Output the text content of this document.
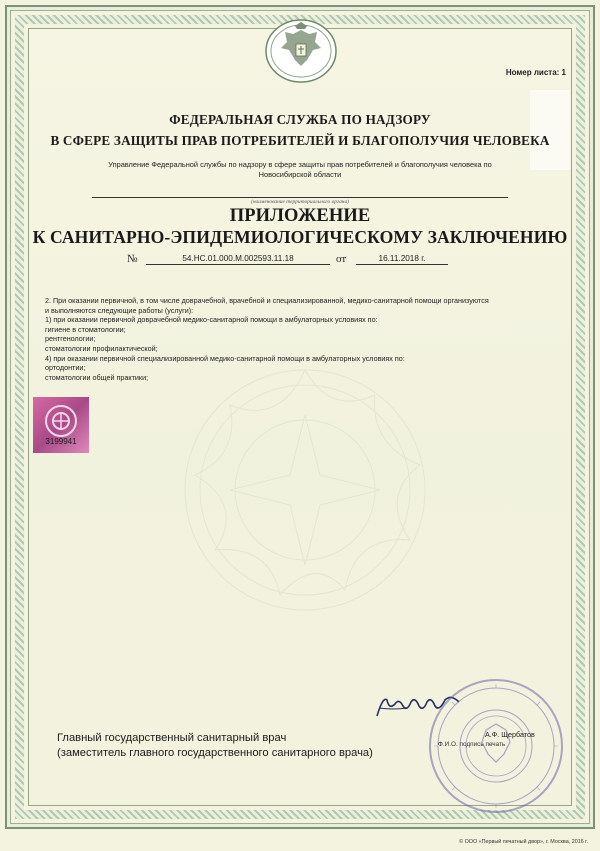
Номер листа: 1
ФЕДЕРАЛЬНАЯ СЛУЖБА ПО НАДЗОРУ
В СФЕРЕ ЗАЩИТЫ ПРАВ ПОТРЕБИТЕЛЕЙ И БЛАГОПОЛУЧИЯ ЧЕЛОВЕКА
Управление Федеральной службы по надзору в сфере защиты прав потребителей и благополучия человека по
Новосибирской области
(наименование территориального органа)
ПРИЛОЖЕНИЕ
К САНИТАРНО-ЭПИДЕМИОЛОГИЧЕСКОМУ ЗАКЛЮЧЕНИЮ
№	54.НС.01.000.М.002593.11.18	от	16.11.2018 г.
2. При оказании первичной, в том числе доврачебной, врачебной и специализированной, медико-санитарной помощи организуются
и выполняются следующие работы (услуги):
1) при оказании первичной доврачебной медико-санитарной помощи в амбулаторных условиях по:
гигиене в стоматологии;
рентгенологии;
стоматологии профилактической;
4) при оказании первичной специализированной медико-санитарной помощи в амбулаторных условиях по:
ортодонтии;
стоматологии общей практики;
3199941
Главный государственный санитарный врач
(заместитель главного государственного санитарного врача)
А.Ф. Щербатов
Ф.И.О. подпись печать
© ООО «Первый печатный двор», г. Москва, 2016 г.
